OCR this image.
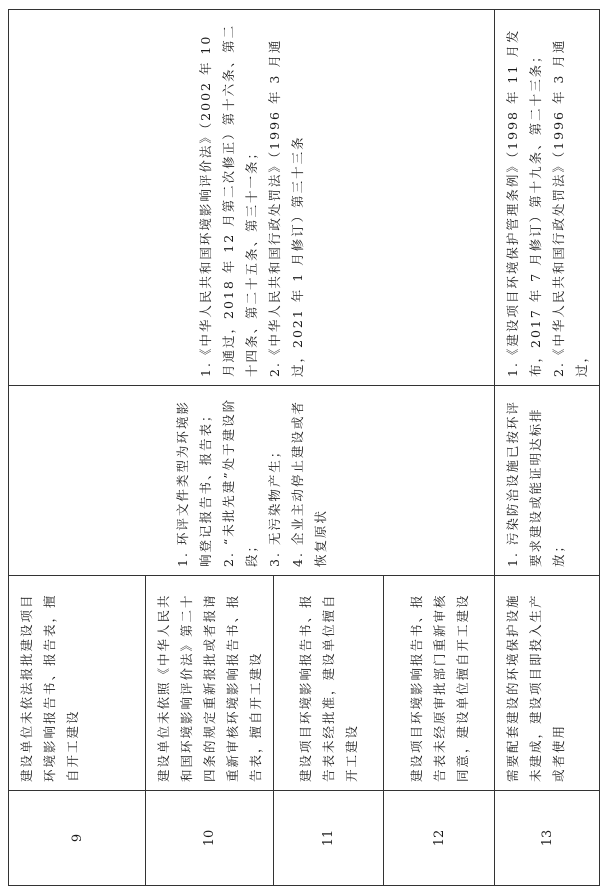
9	建设单位未依法报批建设项目环境影响报告书、报告表，擅自开工建设	1. 环评文件类型为环境影响登记报告书、报告表； 2. “未批先建”处于建设阶段； 3. 无污染物产生； 4. 企业主动停止建设或者恢复原状	1.《中华人民共和国环境影响评价法》（2002 年 10 月通过，2018 年 12 月第二次修正）第十六条、第二十四条、第二十五条、第三十一条； 2.《中华人民共和国行政处罚法》（1996 年 3 月通过，2021 年 1 月修订）第三十三条

10	建设单位未依照《中华人民共和国环境影响评价法》第二十四条的规定重新报批或者报请重新审核环境影响报告书、报告表，擅自开工建设		
11	建设项目环境影响报告书、报告表未经批准，建设单位擅自开工建设		
12	建设项目环境影响报告书、报告表未经原审批部门重新审核同意，建设单位擅自开工建设		
13	需要配套建设的环境保护设施未建成，建设项目即投入生产或者使用	1. 污染防治设施已按环评要求建设或能证明达标排放；	1.《建设项目环境保护管理条例》（1998 年 11 月发布，2017 年 7 月修订）第十九条、第二十三条； 2.《中华人民共和国行政处罚法》（1996 年 3 月通过，
